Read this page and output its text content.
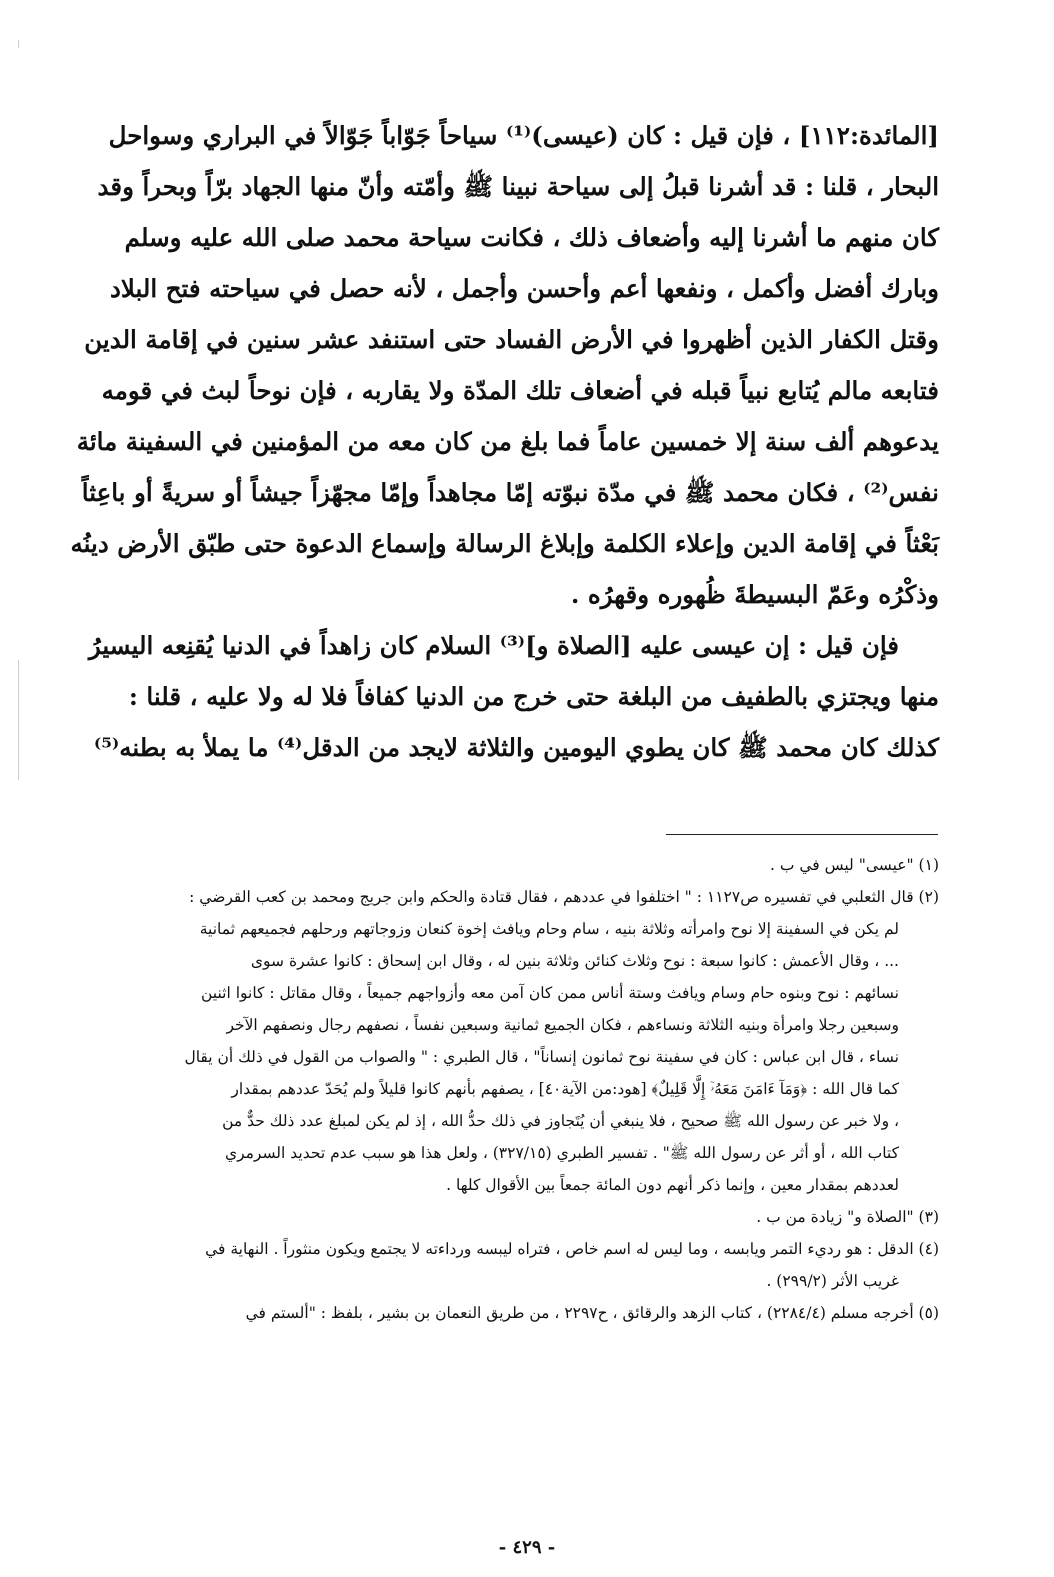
[المائدة:١١٢] ، فإن قيل : كان (عيسى)⁽¹⁾ سياحاً جَوّاباً جَوّالاً في البراري وسواحل
البحار ، قلنا : قد أشرنا قبلُ إلى سياحة نبينا ﷺ وأمّته وأنّ منها الجهاد برّاً وبحراً وقد
كان منهم ما أشرنا إليه وأضعاف ذلك ، فكانت سياحة محمد صلى الله عليه وسلم
وبارك أفضل وأكمل ، ونفعها أعم وأحسن وأجمل ، لأنه حصل في سياحته فتح البلاد
وقتل الكفار الذين أظهروا في الأرض الفساد حتى استنفد عشر سنين في إقامة الدين
فتابعه مالم يُتابع نبياً قبله في أضعاف تلك المدّة ولا يقاربه ، فإن نوحاً لبث في قومه
يدعوهم ألف سنة إلا خمسين عاماً فما بلغ من كان معه من المؤمنين في السفينة مائة
نفس⁽²⁾ ، فكان محمد ﷺ في مدّة نبوّته إمّا مجاهداً وإمّا مجهّزاً جيشاً أو سريةً أو باعِثاً
بَعْثاً في إقامة الدين وإعلاء الكلمة وإبلاغ الرسالة وإسماع الدعوة حتى طبّق الأرض دينُه
وذكْرُه وعَمّ البسيطةَ ظُهوره وقهرُه .
فإن قيل : إن عيسى عليه [الصلاة و]⁽³⁾ السلام كان زاهداً في الدنيا يُقنِعه اليسيرُ
منها ويجتزي بالطفيف من البلغة حتى خرج من الدنيا كفافاً فلا له ولا عليه ، قلنا :
كذلك كان محمد ﷺ كان يطوي اليومين والثلاثة لايجد من الدقل⁽⁴⁾ ما يملأ به بطنه⁽⁵⁾
(١) "عيسى" ليس في ب .
(٢) قال الثعلبي في تفسيره ص١١٢٧ : " اختلفوا في عددهم ، فقال قتادة والحكم وابن جريج ومحمد بن كعب القرضي :
لم يكن في السفينة إلا نوح وامرأته وثلاثة بنيه ، سام وحام ويافث إخوة كنعان وزوجاتهم ورحلهم فجميعهم ثمانية
... ، وقال الأعمش : كانوا سبعة : نوح وثلاث كنائن وثلاثة بنين له ، وقال ابن إسحاق : كانوا عشرة سوى
نسائهم : نوح وبنوه حام وسام ويافث وستة أناس ممن كان آمن معه وأزواجهم جميعاً ، وقال مقاتل : كانوا اثنين
وسبعين رجلا وامرأة وبنيه الثلاثة ونساءهم ، فكان الجميع ثمانية وسبعين نفساً ، نصفهم رجال ونصفهم الآخر
نساء ، قال ابن عباس : كان في سفينة نوح ثمانون إنساناً" ، قال الطبري : " والصواب من القول في ذلك أن يقال
كما قال الله : ﴿وَمَآ ءَامَنَ مَعَهُۥٓ إِلَّا قَلِيلٌ﴾ [هود:من الآية٤٠] ، يصفهم بأنهم كانوا قليلاً ولم يُحَدّ عددهم بمقدار
، ولا خبر عن رسول الله ﷺ صحيح ، فلا ينبغي أن يُتَجاوز في ذلك حدُّ الله ، إذ لم يكن لمبلغ عدد ذلك حدٌّ من
كتاب الله ، أو أثر عن رسول الله ﷺ" . تفسير الطبري (٣٢٧/١٥) ، ولعل هذا هو سبب عدم تحديد السرمري
لعددهم بمقدار معين ، وإنما ذكر أنهم دون المائة جمعاً بين الأقوال كلها .
(٣) "الصلاة و" زيادة من ب .
(٤) الدقل : هو رديء التمر ويابسه ، وما ليس له اسم خاص ، فتراه ليبسه ورداءته لا يجتمع ويكون منثوراً . النهاية في
غريب الأثر (٢٩٩/٢) .
(٥) أخرجه مسلم (٢٢٨٤/٤) ، كتاب الزهد والرقائق ، ح٢٢٩٧ ، من طريق النعمان بن بشير ، بلفظ : "ألستم في
- ٤٢٩ -
